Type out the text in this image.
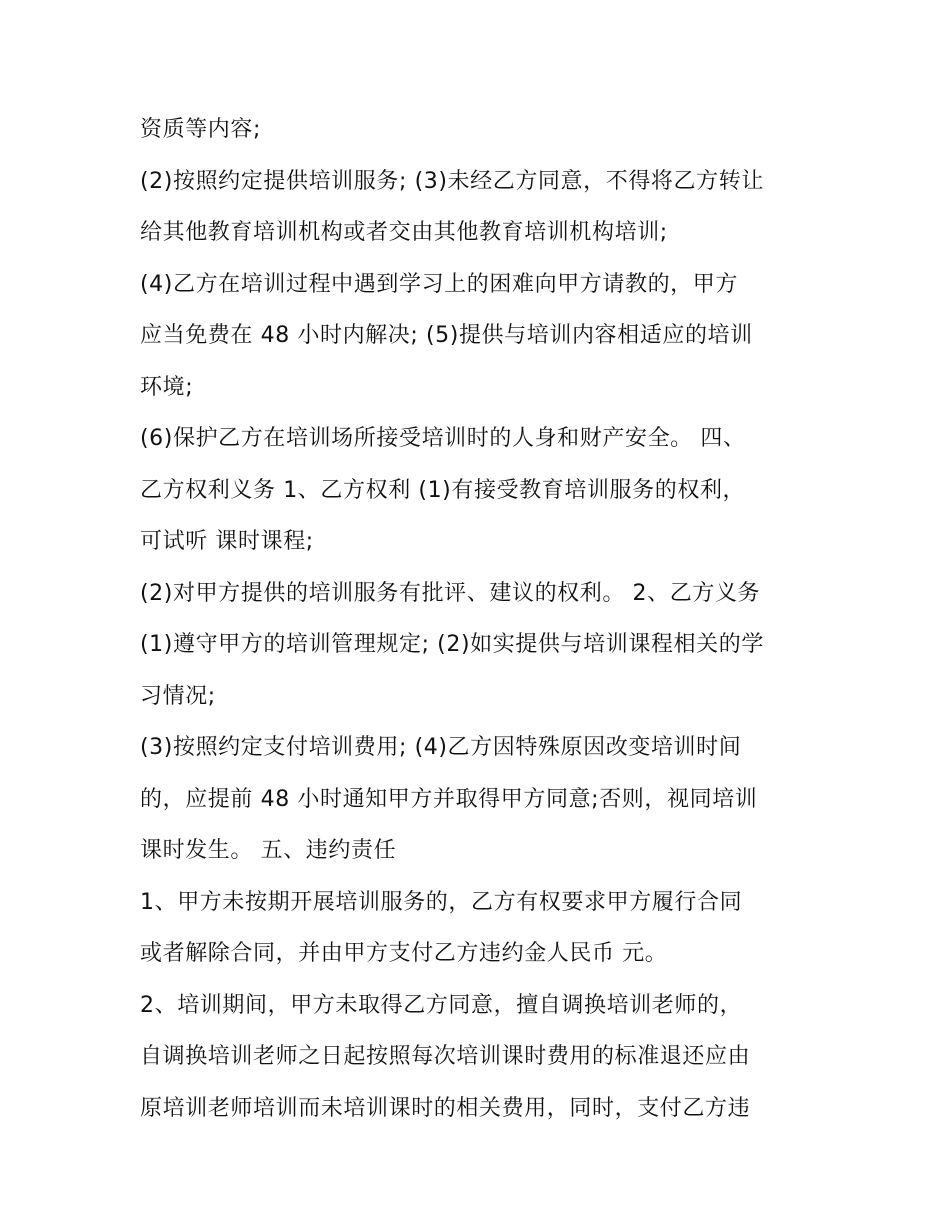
资质等内容;
(2)按照约定提供培训服务; (3)未经乙方同意，不得将乙方转让
给其他教育培训机构或者交由其他教育培训机构培训;
(4)乙方在培训过程中遇到学习上的困难向甲方请教的，甲方
应当免费在 48 小时内解决; (5)提供与培训内容相适应的培训
环境;
(6)保护乙方在培训场所接受培训时的人身和财产安全。 四、
乙方权利义务 1、乙方权利 (1)有接受教育培训服务的权利，
可试听 课时课程;
(2)对甲方提供的培训服务有批评、建议的权利。 2、乙方义务
(1)遵守甲方的培训管理规定; (2)如实提供与培训课程相关的学
习情况;
(3)按照约定支付培训费用; (4)乙方因特殊原因改变培训时间
的，应提前 48 小时通知甲方并取得甲方同意;否则，视同培训
课时发生。 五、违约责任
1、甲方未按期开展培训服务的，乙方有权要求甲方履行合同
或者解除合同，并由甲方支付乙方违约金人民币 元。
2、培训期间，甲方未取得乙方同意，擅自调换培训老师的，
自调换培训老师之日起按照每次培训课时费用的标准退还应由
原培训老师培训而未培训课时的相关费用，同时，支付乙方违
